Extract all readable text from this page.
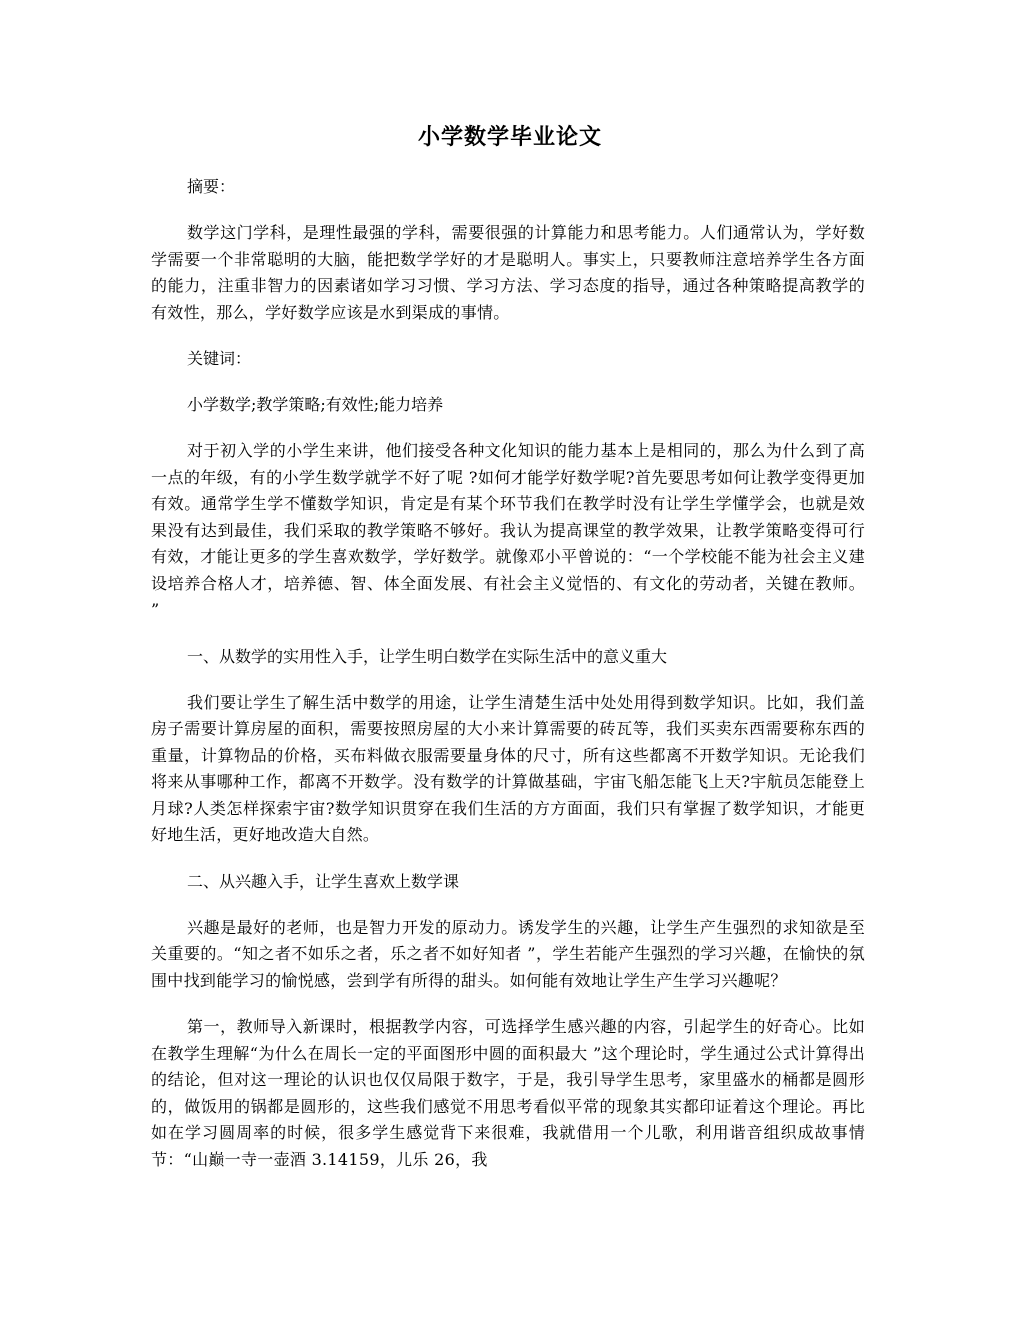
小学数学毕业论文

摘要：

数学这门学科，是理性最强的学科，需要很强的计算能力和思考能力。人们通常认为，学好数学需要一个非常聪明的大脑，能把数学学好的才是聪明人。事实上，只要教师注意培养学生各方面的能力，注重非智力的因素诸如学习习惯、学习方法、学习态度的指导，通过各种策略提高教学的有效性，那么，学好数学应该是水到渠成的事情。

关键词：

小学数学;教学策略;有效性;能力培养

对于初入学的小学生来讲，他们接受各种文化知识的能力基本上是相同的，那么为什么到了高一点的年级，有的小学生数学就学不好了呢 ?如何才能学好数学呢?首先要思考如何让教学变得更加有效。通常学生学不懂数学知识，肯定是有某个环节我们在教学时没有让学生学懂学会，也就是效果没有达到最佳，我们采取的教学策略不够好。我认为提高课堂的教学效果，让教学策略变得可行有效，才能让更多的学生喜欢数学，学好数学。就像邓小平曾说的：“一个学校能不能为社会主义建设培养合格人才，培养德、智、体全面发展、有社会主义觉悟的、有文化的劳动者，关键在教师。 ”

一、从数学的实用性入手，让学生明白数学在实际生活中的意义重大

我们要让学生了解生活中数学的用途，让学生清楚生活中处处用得到数学知识。比如，我们盖房子需要计算房屋的面积，需要按照房屋的大小来计算需要的砖瓦等，我们买卖东西需要称东西的重量，计算物品的价格，买布料做衣服需要量身体的尺寸，所有这些都离不开数学知识。无论我们将来从事哪种工作，都离不开数学。没有数学的计算做基础，宇宙飞船怎能飞上天?宇航员怎能登上月球?人类怎样探索宇宙?数学知识贯穿在我们生活的方方面面，我们只有掌握了数学知识，才能更好地生活，更好地改造大自然。

二、从兴趣入手，让学生喜欢上数学课

兴趣是最好的老师，也是智力开发的原动力。诱发学生的兴趣，让学生产生强烈的求知欲是至关重要的。“知之者不如乐之者，乐之者不如好知者 ”，学生若能产生强烈的学习兴趣，在愉快的氛围中找到能学习的愉悦感，尝到学有所得的甜头。如何能有效地让学生产生学习兴趣呢？

第一，教师导入新课时，根据教学内容，可选择学生感兴趣的内容，引起学生的好奇心。比如在教学生理解“为什么在周长一定的平面图形中圆的面积最大 ”这个理论时，学生通过公式计算得出的结论，但对这一理论的认识也仅仅局限于数字，于是，我引导学生思考，家里盛水的桶都是圆形的，做饭用的锅都是圆形的，这些我们感觉不用思考看似平常的现象其实都印证着这个理论。再比如在学习圆周率的时候，很多学生感觉背下来很难，我就借用一个儿歌，利用谐音组织成故事情节：“山巅一寺一壶酒 3.14159，儿乐 26，我
